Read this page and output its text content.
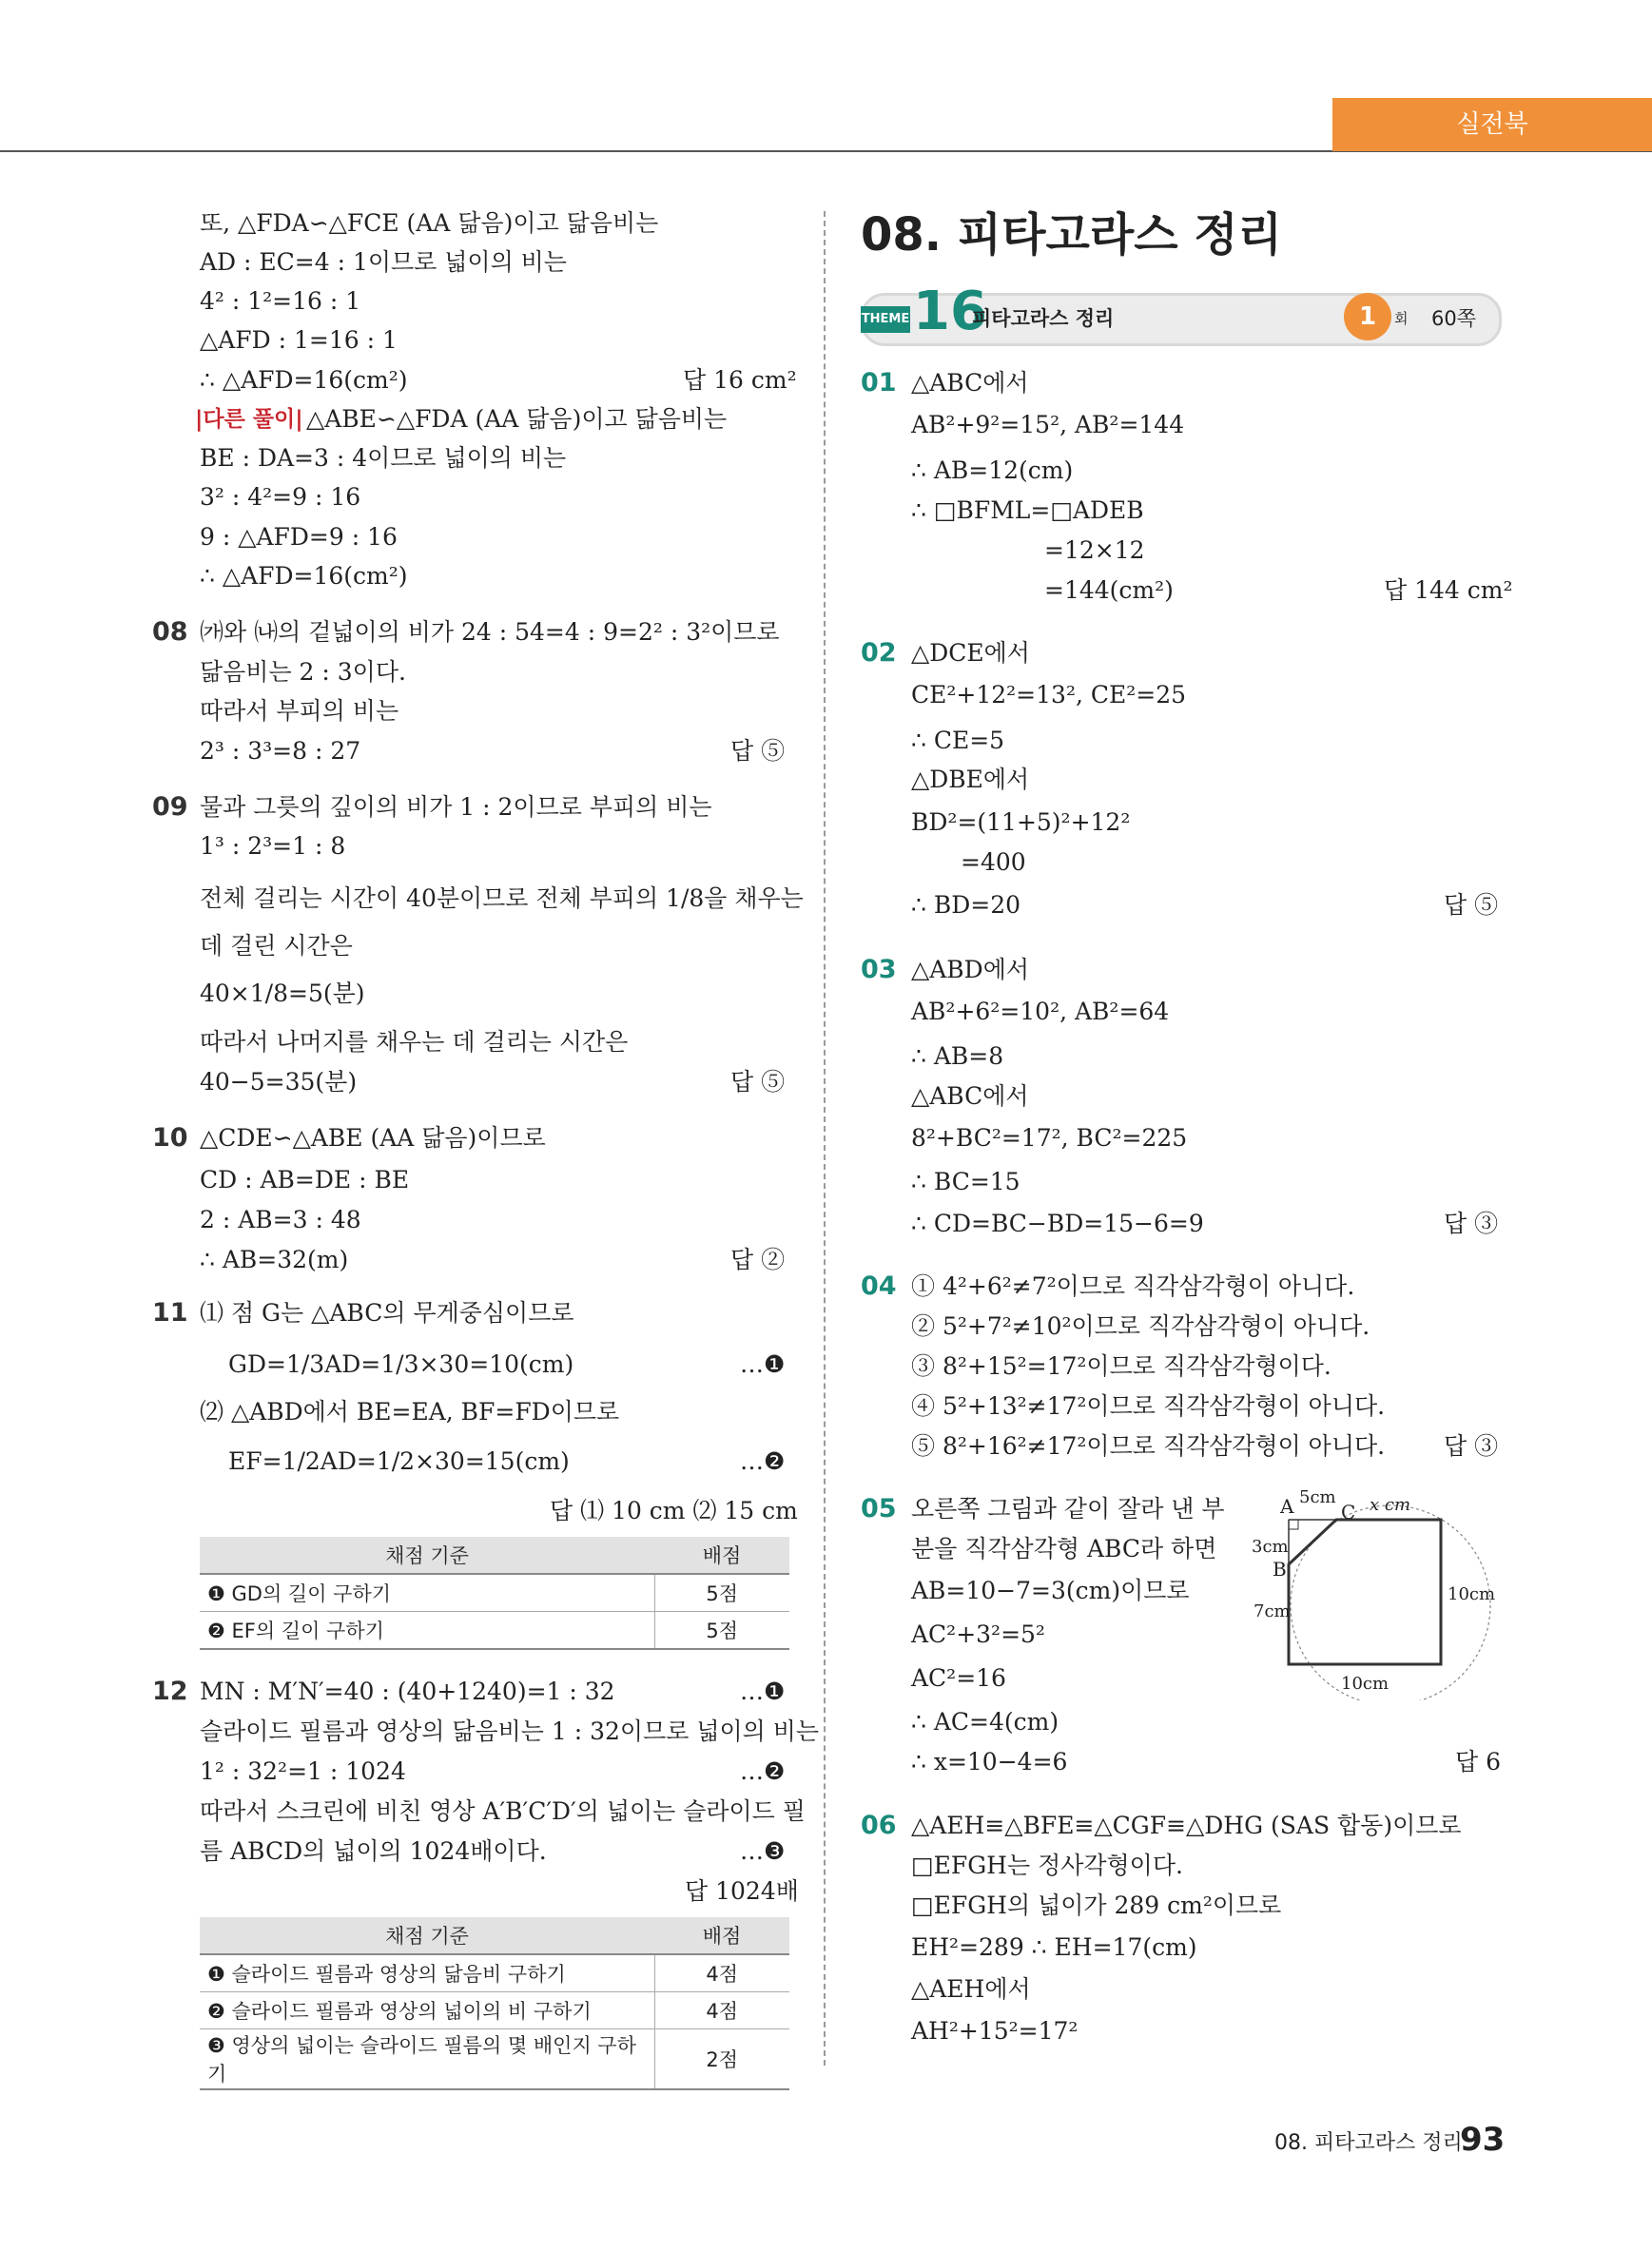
실전북
또, △FDA∽△FCE (AA 닮음)이고 닮음비는
AD : EC=4 : 1이므로 넓이의 비는
4² : 1²=16 : 1
△AFD : 1=16 : 1
∴ △AFD=16(cm²)	답 16 cm²
|다른 풀이| △ABE∽△FDA (AA 닮음)이고 닮음비는
BE : DA=3 : 4이므로 넓이의 비는
3² : 4²=9 : 16
9 : △AFD=9 : 16
∴ △AFD=16(cm²)
08 ㈎와 ㈏의 겉넓이의 비가 24 : 54=4 : 9=2² : 3²이므로
닮음비는 2 : 3이다.
따라서 부피의 비는
2³ : 3³=8 : 27	답 ⑤
09 물과 그릇의 깊이의 비가 1 : 2이므로 부피의 비는
1³ : 2³=1 : 8
전체 걸리는 시간이 40분이므로 전체 부피의 1/8을 채우는
데 걸린 시간은
40×1/8=5(분)
따라서 나머지를 채우는 데 걸리는 시간은
40−5=35(분)	답 ⑤
10 △CDE∽△ABE (AA 닮음)이므로
CD : AB=DE : BE
2 : AB=3 : 48
∴ AB=32(m)	답 ②
11 ⑴ 점 G는 △ABC의 무게중심이므로
GD=1/3AD=1/3×30=10(cm)	…❶
⑵ △ABD에서 BE=EA, BF=FD이므로
EF=1/2AD=1/2×30=15(cm)	…❷
답 ⑴ 10 cm ⑵ 15 cm
채점 기준	배점
❶ GD의 길이 구하기	5점
❷ EF의 길이 구하기	5점
12 MN : M′N′=40 : (40+1240)=1 : 32	…❶
슬라이드 필름과 영상의 닮음비는 1 : 32이므로 넓이의 비는
1² : 32²=1 : 1024	…❷
따라서 스크린에 비친 영상 A′B′C′D′의 넓이는 슬라이드 필
름 ABCD의 넓이의 1024배이다.	…❸
답 1024배
채점 기준	배점
❶ 슬라이드 필름과 영상의 닮음비 구하기	4점
❷ 슬라이드 필름과 영상의 넓이의 비 구하기	4점
❸ 영상의 넓이는 슬라이드 필름의 몇 배인지 구하기	2점
08. 피타고라스 정리
THEME 16
피타고라스 정리	1	회 60쪽
01 △ABC에서
AB²+9²=15², AB²=144
∴ AB=12(cm)
∴ □BFML=□ADEB
=12×12
=144(cm²)	답 144 cm²
02 △DCE에서
CE²+12²=13², CE²=25
∴ CE=5
△DBE에서
BD²=(11+5)²+12²
=400
∴ BD=20	답 ⑤
03 △ABD에서
AB²+6²=10², AB²=64
∴ AB=8
△ABC에서
8²+BC²=17², BC²=225
∴ BC=15
∴ CD=BC−BD=15−6=9	답 ③
04 ① 4²+6²≠7²이므로 직각삼각형이 아니다.
② 5²+7²≠10²이므로 직각삼각형이 아니다.
③ 8²+15²=17²이므로 직각삼각형이다.
④ 5²+13²≠17²이므로 직각삼각형이 아니다.
⑤ 8²+16²≠17²이므로 직각삼각형이 아니다. 답 ③
05 오른쪽 그림과 같이 잘라 낸 부
분을 직각삼각형 ABC라 하면
AB=10−7=3(cm)이므로
AC²+3²=5²
AC²=16
∴ AC=4(cm)
∴ x=10−4=6	답 6
A
B
C
5cm x cm
3cm
7cm
10cm
10cm
06 △AEH≡△BFE≡△CGF≡△DHG (SAS 합동)이므로
□EFGH는 정사각형이다.
□EFGH의 넓이가 289 cm²이므로
EH²=289 ∴ EH=17(cm)
△AEH에서
AH²+15²=17²
08. 피타고라스 정리
93
